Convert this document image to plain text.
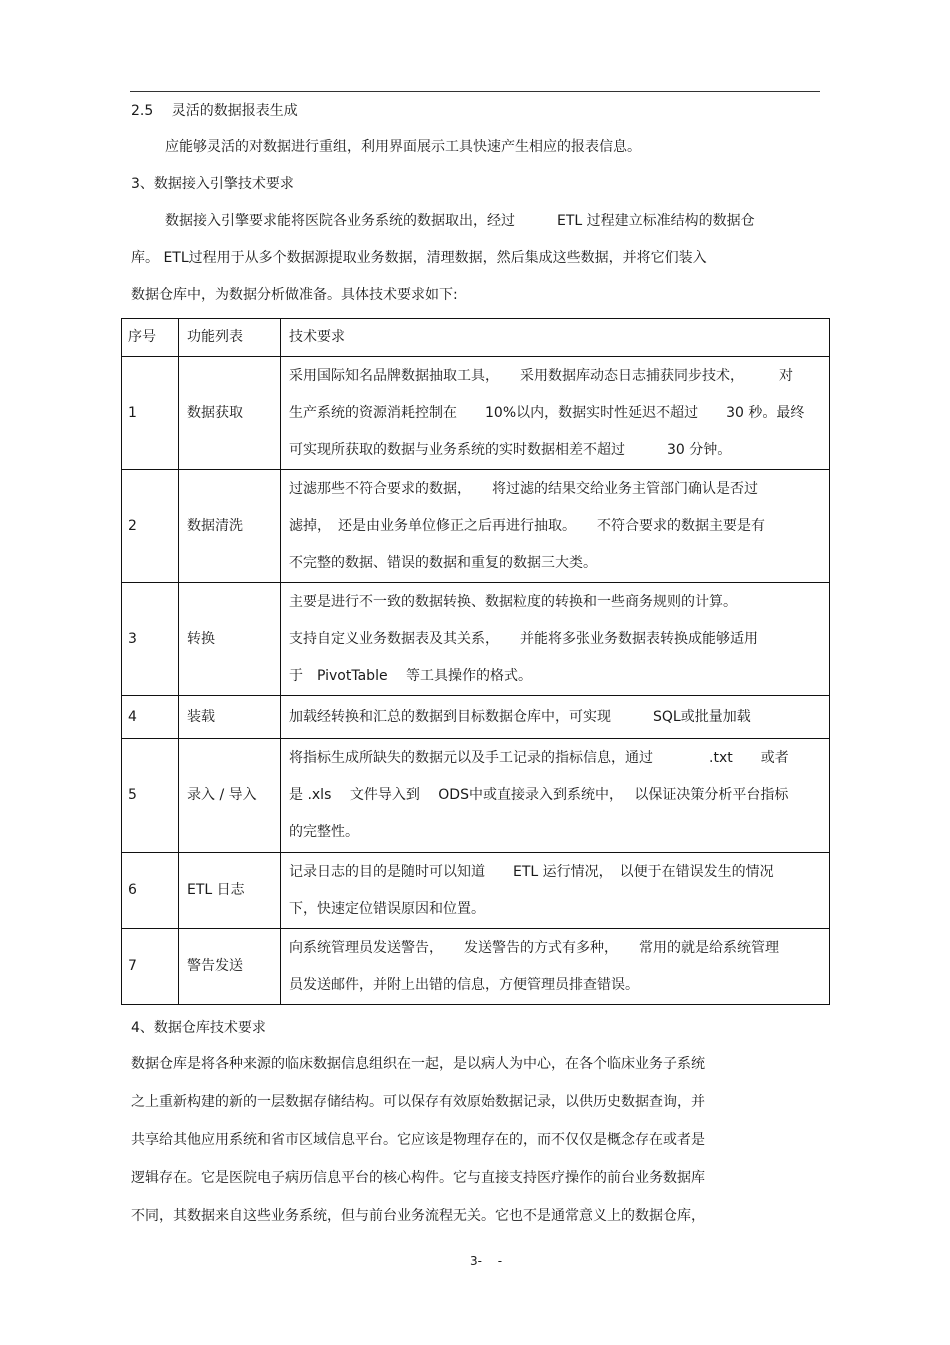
2.5　 灵活的数据报表生成
应能够灵活的对数据进行重组，利用界面展示工具快速产生相应的报表信息。
3、数据接入引擎技术要求
数据接入引擎要求能将医院各业务系统的数据取出，经过　　　ETL 过程建立标准结构的数据仓
库。 ETL过程用于从多个数据源提取业务数据，清理数据，然后集成这些数据，并将它们装入
数据仓库中，为数据分析做准备。具体技术要求如下:
序号	功能列表	技术要求
1	数据获取	采用国际知名品牌数据抽取工具，　　采用数据库动态日志捕获同步技术，　　　对
生产系统的资源消耗控制在　　10%以内，数据实时性延迟不超过　　30 秒。最终
可实现所获取的数据与业务系统的实时数据相差不超过　　　30 分钟。

2	数据清洗	过滤那些不符合要求的数据，　　将过滤的结果交给业务主管部门确认是否过
滤掉，　还是由业务单位修正之后再进行抽取。　　不符合要求的数据主要是有
不完整的数据、错误的数据和重复的数据三大类。

3	转换	主要是进行不一致的数据转换、数据粒度的转换和一些商务规则的计算。
支持自定义业务数据表及其关系，　　并能将多张业务数据表转换成能够适用
于　PivotTable　 等工具操作的格式。

4	装载	加载经转换和汇总的数据到目标数据仓库中，可实现　　　SQL或批量加载

5	录入 / 导入	将指标生成所缺失的数据元以及手工记录的指标信息，通过　　　　.txt　　或者
是 .xls　 文件导入到　 ODS中或直接录入到系统中，　 以保证决策分析平台指标
的完整性。

6	ETL 日志	记录日志的目的是随时可以知道　　ETL 运行情况，　以便于在错误发生的情况
下，快速定位错误原因和位置。

7	警告发送	向系统管理员发送警告，　　发送警告的方式有多种，　　常用的就是给系统管理
员发送邮件，并附上出错的信息，方便管理员排查错误。
4、数据仓库技术要求
数据仓库是将各种来源的临床数据信息组织在一起，是以病人为中心，在各个临床业务子系统
之上重新构建的新的一层数据存储结构。可以保存有效原始数据记录，以供历史数据查询，并
共享给其他应用系统和省市区域信息平台。它应该是物理存在的，而不仅仅是概念存在或者是
逻辑存在。它是医院电子病历信息平台的核心构件。它与直接支持医疗操作的前台业务数据库
不同，其数据来自这些业务系统，但与前台业务流程无关。它也不是通常意义上的数据仓库，
3-　 -
